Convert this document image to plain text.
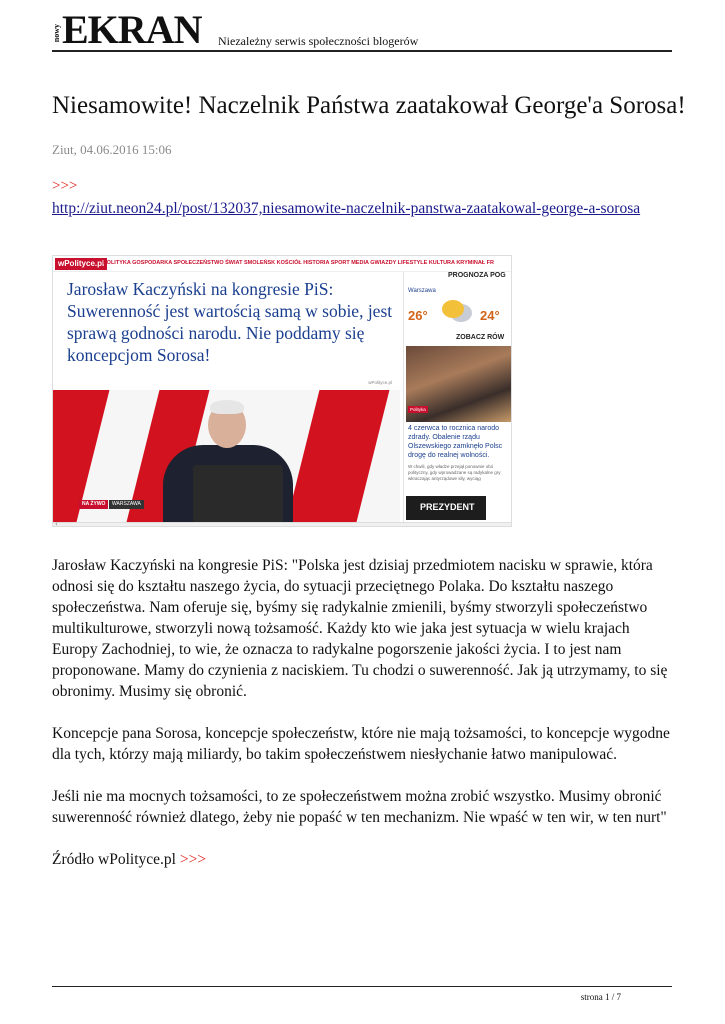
nowy EKRAN Niezależny serwis społeczności blogerów
Niesamowite! Naczelnik Państwa zaatakował George'a Sorosa!
Ziut, 04.06.2016 15:06
>>>
http://ziut.neon24.pl/post/132037,niesamowite-naczelnik-panstwa-zaatakowal-george-a-sorosa
wPolityce.pl
POLITYKA GOSPODARKA SPOŁECZEŃSTWO ŚWIAT SMOLEŃSK KOŚCIÓŁ HISTORIA SPORT MEDIA GWIAZDY LIFESTYLE KULTURA KRYMINAŁ FR
Jarosław Kaczyński na kongresie PiS: Suwerenność jest wartością samą w sobie, jest sprawą godności narodu. Nie poddamy się koncepcjom Sorosa!
wPolityce.pl
NA ŻYWO	WARSZAWA
PROGNOZA POG
Warszawa
26°	24°
ZOBACZ RÓW
Polityka
4 czerwca to rocznica narodo zdrady. Obalenie rządu Olszewskiego zamknęło Polsc drogę do realnej wolności.
W chwili, gdy władze przejął ponownie obó polityczny, gdy wprowadzane są radykalne gry wkraczając antyrządowe siły, wyciąg
PREZYDENT
‹

Jarosław Kaczyński na kongresie PiS: "Polska jest dzisiaj przedmiotem nacisku w sprawie, która odnosi się do kształtu naszego życia, do sytuacji przeciętnego Polaka. Do kształtu naszego społeczeństwa. Nam oferuje się, byśmy się radykalnie zmienili, byśmy stworzyli społeczeństwo multikulturowe, stworzyli nową tożsamość. Każdy kto wie jaka jest sytuacja w wielu krajach Europy Zachodniej, to wie, że oznacza to radykalne pogorszenie jakości życia. I to jest nam proponowane. Mamy do czynienia z naciskiem. Tu chodzi o suwerenność. Jak ją utrzymamy, to się obronimy. Musimy się obronić.

Koncepcje pana Sorosa, koncepcje społeczeństw, które nie mają tożsamości, to koncepcje wygodne dla tych, którzy mają miliardy, bo takim społeczeństwem niesłychanie łatwo manipulować.

Jeśli nie ma mocnych tożsamości, to ze społeczeństwem można zrobić wszystko. Musimy obronić suwerenność również dlatego, żeby nie popaść w ten mechanizm. Nie wpaść w ten wir, w ten nurt"

Źródło wPolityce.pl >>>

strona 1 / 7
